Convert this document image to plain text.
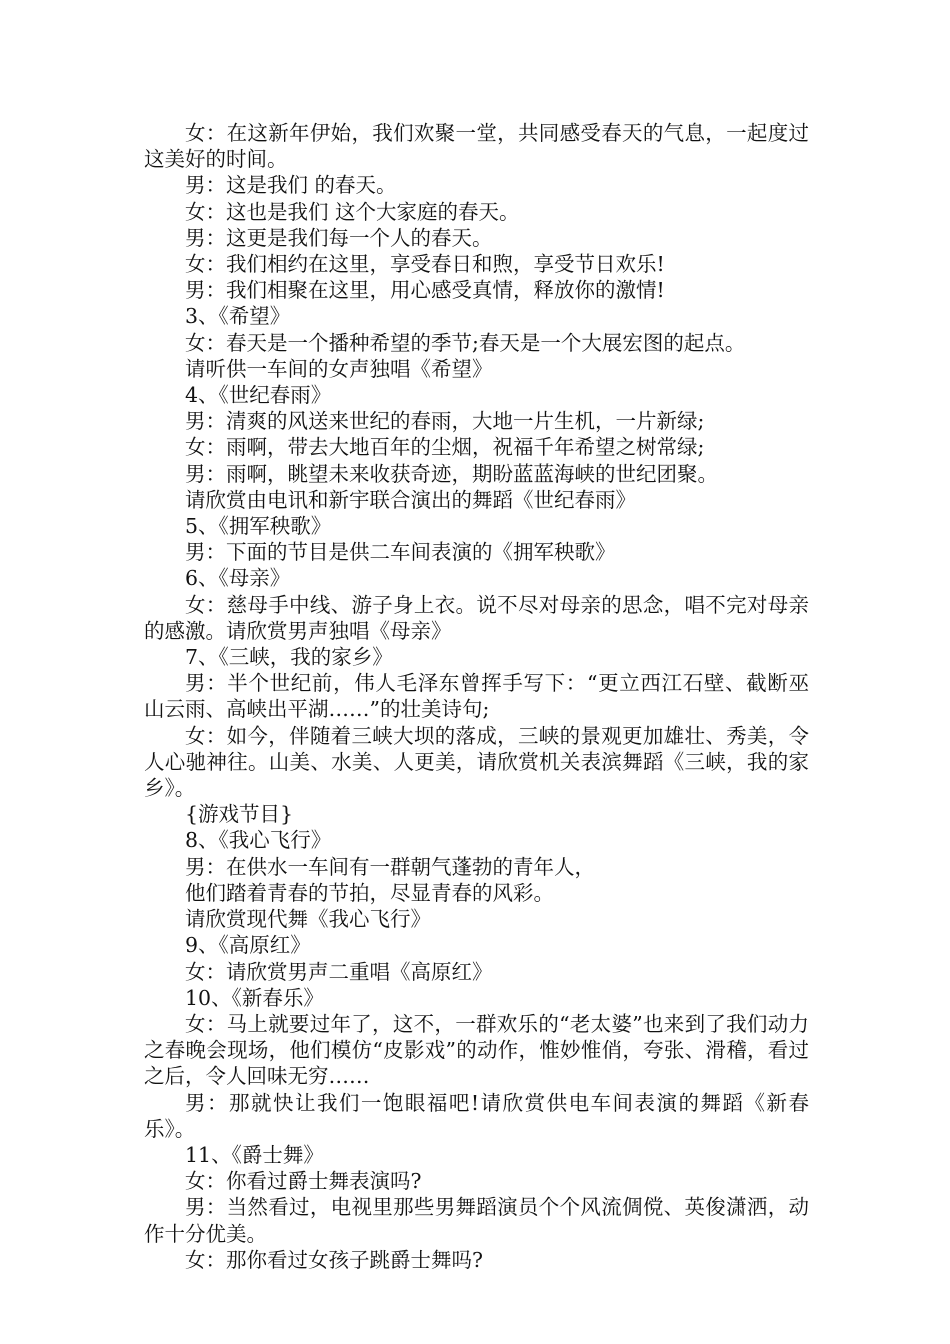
女：在这新年伊始，我们欢聚一堂，共同感受春天的气息，一起度过这美好的时间。

男：这是我们 的春天。

女：这也是我们 这个大家庭的春天。

男：这更是我们每一个人的春天。

女：我们相约在这里，享受春日和煦，享受节日欢乐!

男：我们相聚在这里，用心感受真情，释放你的激情!

3、《希望》

女：春天是一个播种希望的季节;春天是一个大展宏图的起点。

请听供一车间的女声独唱《希望》

4、《世纪春雨》

男：清爽的风送来世纪的春雨，大地一片生机，一片新绿;

女：雨啊，带去大地百年的尘烟，祝福千年希望之树常绿;

男：雨啊，眺望未来收获奇迹，期盼蓝蓝海峡的世纪团聚。

请欣赏由电讯和新宇联合演出的舞蹈《世纪春雨》

5、《拥军秧歌》

男：下面的节目是供二车间表演的《拥军秧歌》

6、《母亲》

女：慈母手中线、游子身上衣。说不尽对母亲的思念，唱不完对母亲的感激。请欣赏男声独唱《母亲》

7、《三峡，我的家乡》

男：半个世纪前，伟人毛泽东曾挥手写下：“更立西江石壁、截断巫山云雨、高峡出平湖……”的壮美诗句;

女：如今，伴随着三峡大坝的落成，三峡的景观更加雄壮、秀美，令人心驰神往。山美、水美、人更美，请欣赏机关表滨舞蹈《三峡，我的家乡》。

{游戏节目}

8、《我心飞行》

男：在供水一车间有一群朝气蓬勃的青年人，

他们踏着青春的节拍，尽显青春的风彩。

请欣赏现代舞《我心飞行》

9、《高原红》

女：请欣赏男声二重唱《高原红》

10、《新春乐》

女：马上就要过年了，这不，一群欢乐的“老太婆”也来到了我们动力之春晚会现场，他们模仿“皮影戏”的动作，惟妙惟俏，夸张、滑稽，看过之后，令人回味无穷……

男：那就快让我们一饱眼福吧!请欣赏供电车间表演的舞蹈《新春乐》。

11、《爵士舞》

女：你看过爵士舞表演吗?

男：当然看过，电视里那些男舞蹈演员个个风流倜傥、英俊潇洒，动作十分优美。

女：那你看过女孩子跳爵士舞吗?
